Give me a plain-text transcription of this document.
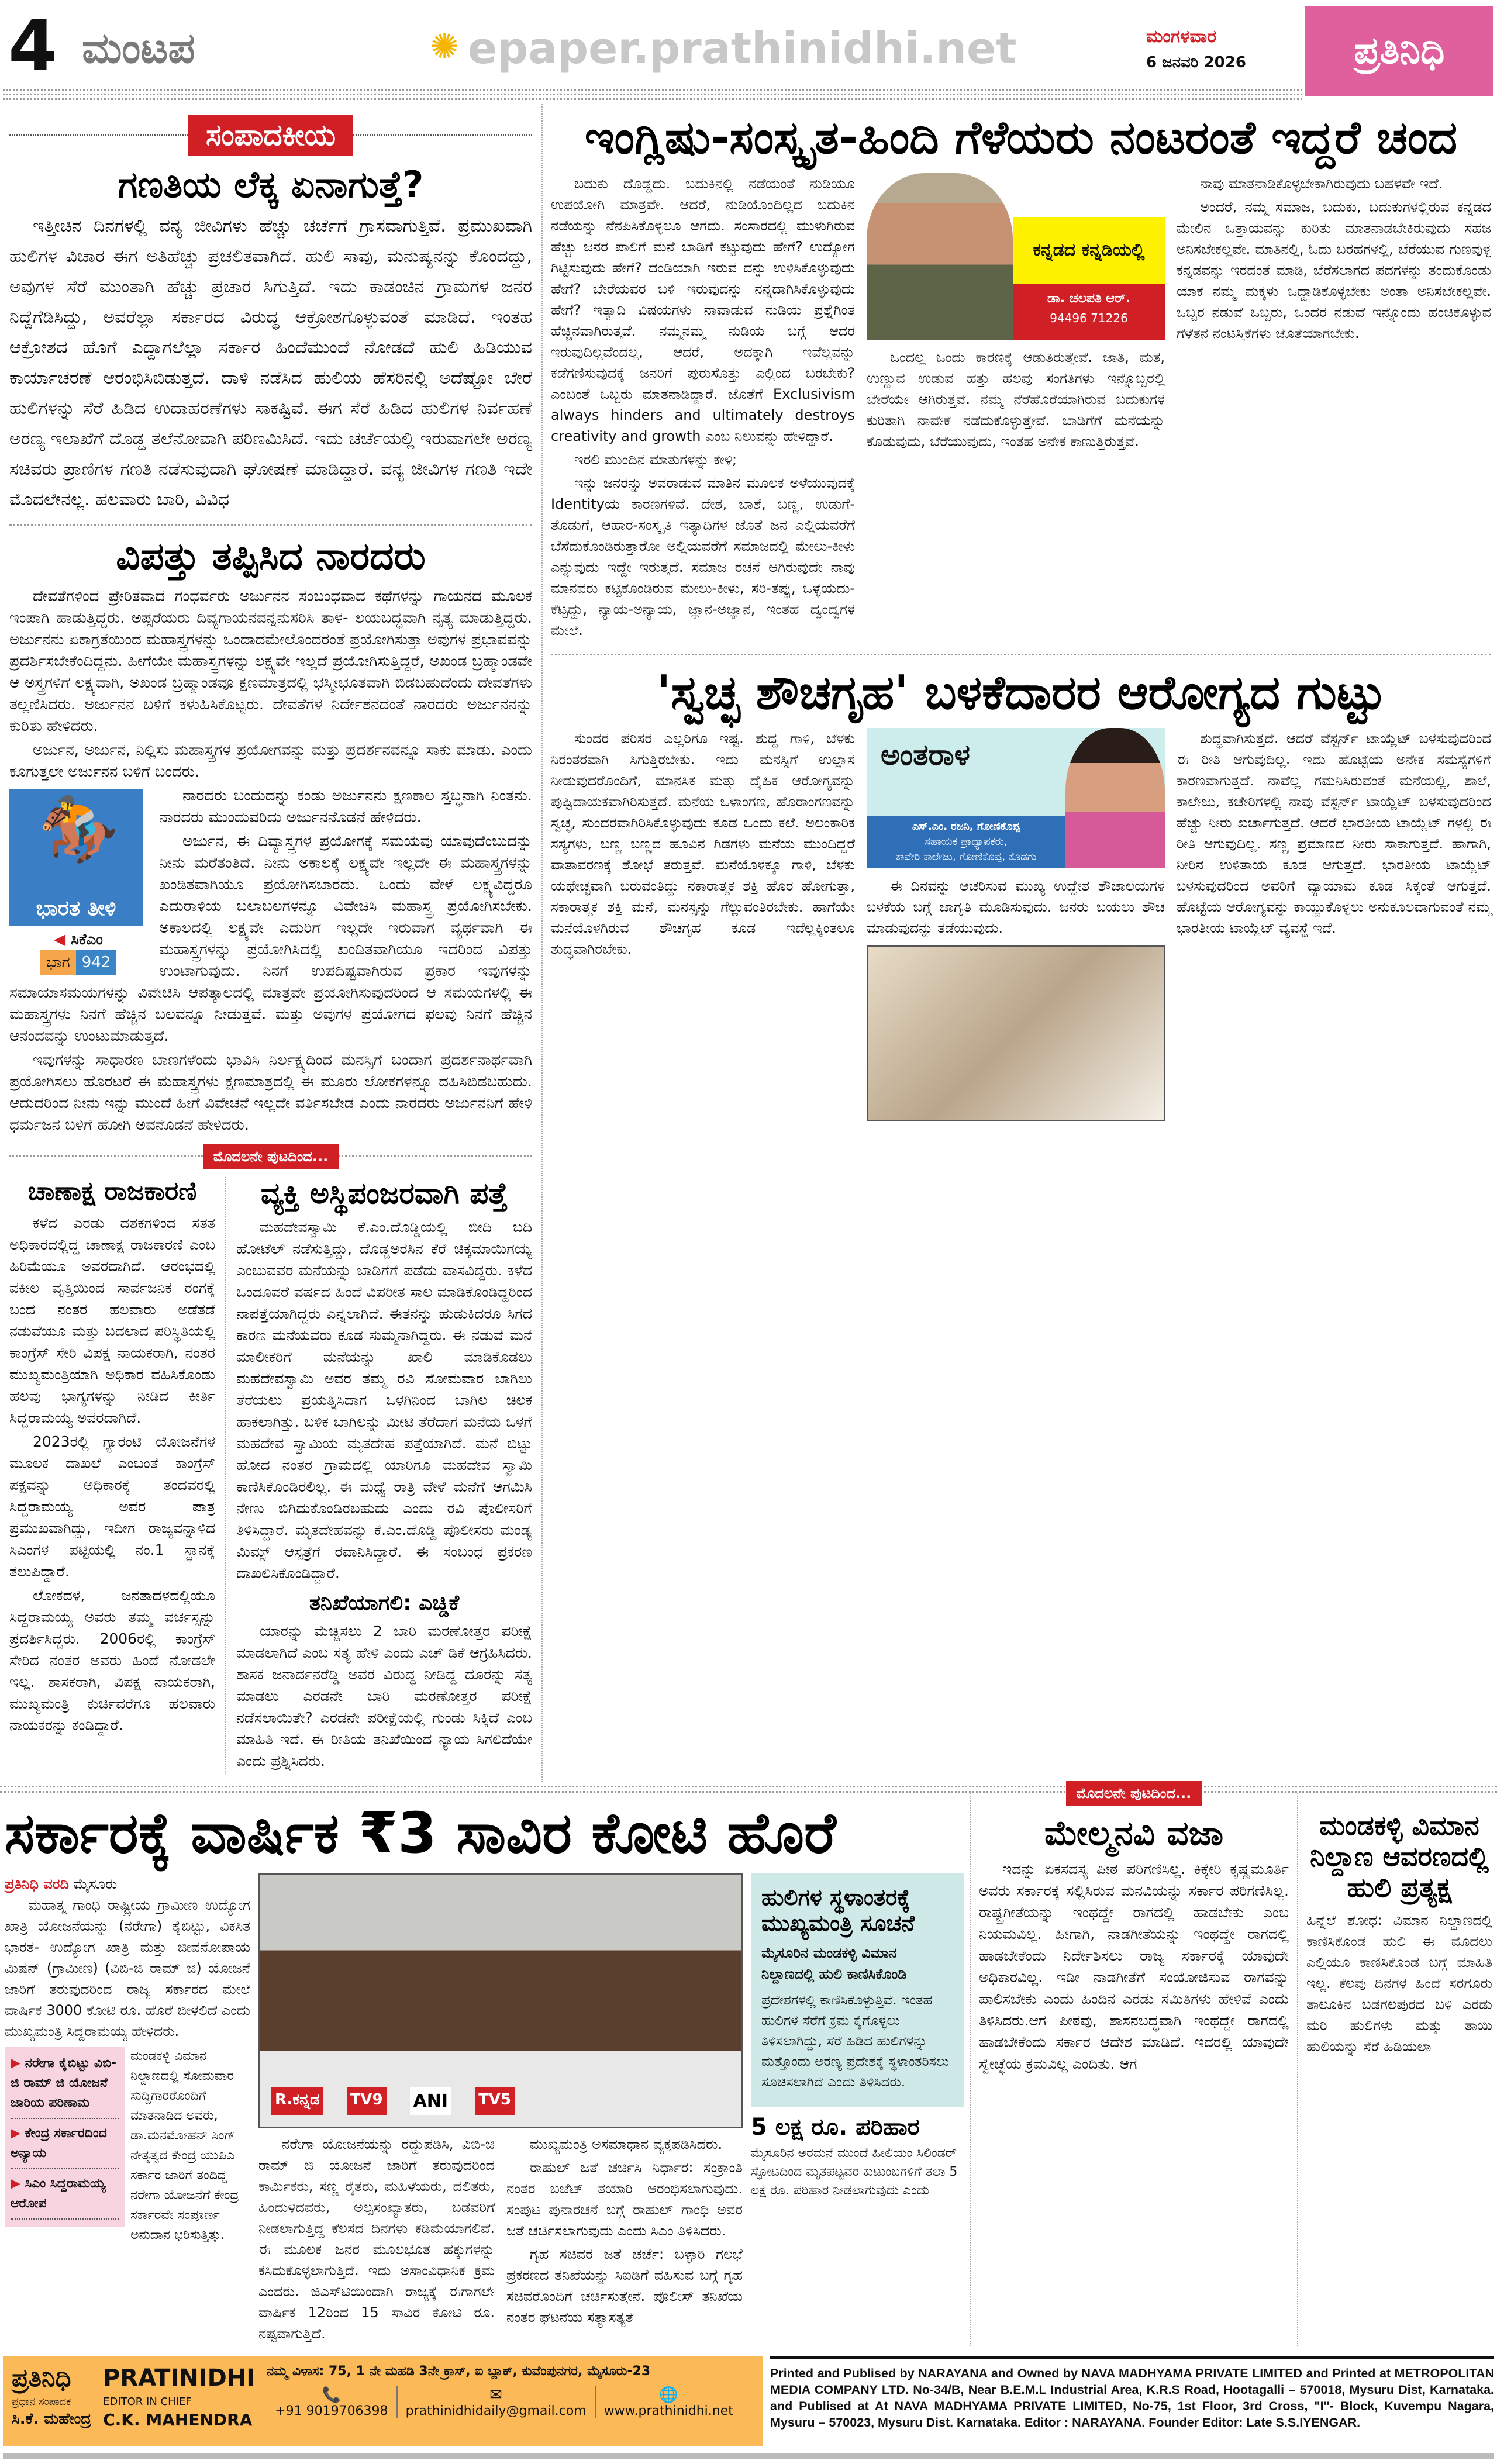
4 ಮಂಟಪ	✺ epaper.prathinidhi.net	ಮಂಗಳವಾರ
6 ಜನವರಿ 2026	ಪ್ರತಿನಿಧಿ
ಸಂಪಾದಕೀಯ
ಗಣತಿಯ ಲೆಕ್ಕ ಏನಾಗುತ್ತೆ?

ಇತ್ತೀಚಿನ ದಿನಗಳಲ್ಲಿ ವನ್ಯ ಜೀವಿಗಳು ಹೆಚ್ಚು ಚರ್ಚೆಗೆ ಗ್ರಾಸವಾಗುತ್ತಿವೆ. ಪ್ರಮುಖವಾಗಿ ಹುಲಿಗಳ ವಿಚಾರ ಈಗ ಅತಿಹೆಚ್ಚು ಪ್ರಚಲಿತವಾಗಿದೆ. ಹುಲಿ ಸಾವು, ಮನುಷ್ಯನನ್ನು ಕೊಂದದ್ದು, ಅವುಗಳ ಸೆರೆ ಮುಂತಾಗಿ ಹೆಚ್ಚು ಪ್ರಚಾರ ಸಿಗುತ್ತಿದೆ. ಇದು ಕಾಡಂಚಿನ ಗ್ರಾಮಗಳ ಜನರ ನಿದ್ದೆಗೆಡಿಸಿದ್ದು, ಅವರೆಲ್ಲಾ ಸರ್ಕಾರದ ವಿರುದ್ಧ ಆಕ್ರೋಶಗೊಳ್ಳುವಂತೆ ಮಾಡಿದೆ. ಇಂತಹ ಆಕ್ರೋಶದ ಹೊಗೆ ಎದ್ದಾಗಲೆಲ್ಲಾ ಸರ್ಕಾರ ಹಿಂದೆಮುಂದೆ ನೋಡದೆ ಹುಲಿ ಹಿಡಿಯುವ ಕಾರ್ಯಾಚರಣೆ ಆರಂಭಿಸಿಬಿಡುತ್ತದೆ. ದಾಳಿ ನಡೆಸಿದ ಹುಲಿಯ ಹೆಸರಿನಲ್ಲಿ ಅದೆಷ್ಟೋ ಬೇರೆ ಹುಲಿಗಳನ್ನು ಸೆರೆ ಹಿಡಿದ ಉದಾಹರಣೆಗಳು ಸಾಕಷ್ಟಿವೆ. ಈಗ ಸೆರೆ ಹಿಡಿದ ಹುಲಿಗಳ ನಿರ್ವಹಣೆ ಅರಣ್ಯ ಇಲಾಖೆಗೆ ದೊಡ್ಡ ತಲೆನೋವಾಗಿ ಪರಿಣಮಿಸಿದೆ. ಇದು ಚರ್ಚೆಯಲ್ಲಿ ಇರುವಾಗಲೇ ಅರಣ್ಯ ಸಚಿವರು ಪ್ರಾಣಿಗಳ ಗಣತಿ ನಡೆಸುವುದಾಗಿ ಘೋಷಣೆ ಮಾಡಿದ್ದಾರೆ. ವನ್ಯ ಜೀವಿಗಳ ಗಣತಿ ಇದೇ ಮೊದಲೇನಲ್ಲ. ಹಲವಾರು ಬಾರಿ, ವಿವಿಧ

ವಿಪತ್ತು ತಪ್ಪಿಸಿದ ನಾರದರು

ದೇವತೆಗಳಿಂದ ಪ್ರೇರಿತವಾದ ಗಂಧರ್ವರು ಅರ್ಜುನನ ಸಂಬಂಧವಾದ ಕಥೆಗಳನ್ನು ಗಾಯನದ ಮೂಲಕ ಇಂಪಾಗಿ ಹಾಡುತ್ತಿದ್ದರು. ಅಪ್ಸರೆಯರು ದಿವ್ಯಗಾಯನವನ್ನನುಸರಿಸಿ ತಾಳ- ಲಯಬದ್ಧವಾಗಿ ನೃತ್ಯ ಮಾಡುತ್ತಿದ್ದರು. ಅರ್ಜುನನು ಏಕಾಗ್ರತೆಯಿಂದ ಮಹಾಸ್ತ್ರಗಳನ್ನು ಒಂದಾದಮೇಲೊಂದರಂತೆ ಪ್ರಯೋಗಿಸುತ್ತಾ ಅವುಗಳ ಪ್ರಭಾವವನ್ನು ಪ್ರದರ್ಶಿಸಬೇಕೆಂದಿದ್ದನು. ಹೀಗೆಯೇ ಮಹಾಸ್ತ್ರಗಳನ್ನು ಲಕ್ಷ್ಯವೇ ಇಲ್ಲದೆ ಪ್ರಯೋಗಿಸುತ್ತಿದ್ದರೆ, ಅಖಂಡ ಬ್ರಹ್ಮಾಂಡವೇ ಆ ಅಸ್ತ್ರಗಳಿಗೆ ಲಕ್ಷ್ಯವಾಗಿ, ಅಖಂಡ ಬ್ರಹ್ಮಾಂಡವೂ ಕ್ಷಣಮಾತ್ರದಲ್ಲಿ ಭಸ್ಮೀಭೂತವಾಗಿ ಬಿಡಬಹುದೆಂದು ದೇವತೆಗಳು ತಲ್ಲಣಿಸಿದರು. ಅರ್ಜುನನ ಬಳಿಗೆ ಕಳುಹಿಸಿಕೊಟ್ಟರು. ದೇವತೆಗಳ ನಿರ್ದೇಶನದಂತೆ ನಾರದರು ಅರ್ಜುನನನ್ನು ಕುರಿತು ಹೇಳಿದರು.

ಅರ್ಜುನ, ಅರ್ಜುನ, ನಿಲ್ಲಿಸು ಮಹಾಸ್ತ್ರಗಳ ಪ್ರಯೋಗವನ್ನು ಮತ್ತು ಪ್ರದರ್ಶನವನ್ನೂ ಸಾಕು ಮಾಡು. ಎಂದು ಕೂಗುತ್ತಲೇ ಅರ್ಜುನನ ಬಳಿಗೆ ಬಂದರು.

🏇
ಭಾರತ ತೀಳಿ
◀ ಸಿಕೆಎಂ
ಭಾಗ 942

ನಾರದರು ಬಂದುದನ್ನು ಕಂಡು ಅರ್ಜುನನು ಕ್ಷಣಕಾಲ ಸ್ತಬ್ಧನಾಗಿ ನಿಂತನು. ನಾರದರು ಮುಂದುವರಿದು ಅರ್ಜುನನೊಡನೆ ಹೇಳಿದರು.

ಅರ್ಜುನ, ಈ ದಿವ್ಯಾಸ್ತ್ರಗಳ ಪ್ರಯೋಗಕ್ಕೆ ಸಮಯವು ಯಾವುದೆಂಬುದನ್ನು ನೀನು ಮರೆತಂತಿದೆ. ನೀನು ಅಕಾಲಕ್ಕೆ ಲಕ್ಷ್ಯವೇ ಇಲ್ಲದೇ ಈ ಮಹಾಸ್ತ್ರಗಳನ್ನು ಖಂಡಿತವಾಗಿಯೂ ಪ್ರಯೋಗಿಸಬಾರದು. ಒಂದು ವೇಳೆ ಲಕ್ಷ್ಯವಿದ್ದರೂ ಎದುರಾಳಿಯ ಬಲಾಬಲಗಳನ್ನೂ ವಿವೇಚಿಸಿ ಮಹಾಸ್ತ್ರ ಪ್ರಯೋಗಿಸಬೇಕು. ಅಕಾಲದಲ್ಲಿ ಲಕ್ಷ್ಯವೇ ಎದುರಿಗೆ ಇಲ್ಲದೇ ಇರುವಾಗ ವ್ಯರ್ಥವಾಗಿ ಈ ಮಹಾಸ್ತ್ರಗಳನ್ನು ಪ್ರಯೋಗಿಸಿದಲ್ಲಿ ಖಂಡಿತವಾಗಿಯೂ ಇದರಿಂದ ವಿಪತ್ತು ಉಂಟಾಗುವುದು. ನಿನಗೆ ಉಪದಿಷ್ಟವಾಗಿರುವ ಪ್ರಕಾರ ಇವುಗಳನ್ನು ಸಮಾಯಾಸಮಯಗಳನ್ನು ವಿವೇಚಿಸಿ ಆಪತ್ಕಾಲದಲ್ಲಿ ಮಾತ್ರವೇ ಪ್ರಯೋಗಿಸುವುದರಿಂದ ಆ ಸಮಯಗಳಲ್ಲಿ ಈ ಮಹಾಸ್ತ್ರಗಳು ನಿನಗೆ ಹೆಚ್ಚಿನ ಬಲವನ್ನೂ ನೀಡುತ್ತವೆ. ಮತ್ತು ಅವುಗಳ ಪ್ರಯೋಗದ ಫಲವು ನಿನಗೆ ಹೆಚ್ಚಿನ ಆನಂದವನ್ನು ಉಂಟುಮಾಡುತ್ತದೆ.

ಇವುಗಳನ್ನು ಸಾಧಾರಣ ಬಾಣಗಳೆಂದು ಭಾವಿಸಿ ನಿರ್ಲಕ್ಷ್ಯದಿಂದ ಮನಸ್ಸಿಗೆ ಬಂದಾಗ ಪ್ರದರ್ಶನಾರ್ಥವಾಗಿ ಪ್ರಯೋಗಿಸಲು ಹೊರಟರೆ ಈ ಮಹಾಸ್ತ್ರಗಳು ಕ್ಷಣಮಾತ್ರದಲ್ಲಿ ಈ ಮೂರು ಲೋಕಗಳನ್ನೂ ದಹಿಸಿಬಿಡಬಹುದು. ಆದುದರಿಂದ ನೀನು ಇನ್ನು ಮುಂದೆ ಹೀಗೆ ವಿವೇಚನೆ ಇಲ್ಲದೇ ವರ್ತಿಸಬೇಡ ಎಂದು ನಾರದರು ಅರ್ಜುನನಿಗೆ ಹೇಳಿ ಧರ್ಮಜನ ಬಳಿಗೆ ಹೋಗಿ ಅವನೊಡನೆ ಹೇಳಿದರು.

ಮೊದಲನೇ ಪುಟದಿಂದ...
ಚಾಣಾಕ್ಷ ರಾಜಕಾರಣಿ

ಕಳೆದ ಎರಡು ದಶಕಗಳಿಂದ ಸತತ ಅಧಿಕಾರದಲ್ಲಿದ್ದ ಚಾಣಾಕ್ಷ ರಾಜಕಾರಣಿ ಎಂಬ ಹಿರಿಮೆಯೂ ಅವರದಾಗಿದೆ. ಆರಂಭದಲ್ಲಿ ವಕೀಲ ವೃತ್ತಿಯಿಂದ ಸಾರ್ವಜನಿಕ ರಂಗಕ್ಕೆ ಬಂದ ನಂತರ ಹಲವಾರು ಅಡೆತಡೆ ನಡುವೆಯೂ ಮತ್ತು ಬದಲಾದ ಪರಿಸ್ಥಿತಿಯಲ್ಲಿ ಕಾಂಗ್ರೆಸ್ ಸೇರಿ ವಿಪಕ್ಷ ನಾಯಕರಾಗಿ, ನಂತರ ಮುಖ್ಯಮಂತ್ರಿಯಾಗಿ ಅಧಿಕಾರ ವಹಿಸಿಕೊಂಡು ಹಲವು ಭಾಗ್ಯಗಳನ್ನು ನೀಡಿದ ಕೀರ್ತಿ ಸಿದ್ದರಾಮಯ್ಯ ಅವರದಾಗಿದೆ.

2023ರಲ್ಲಿ ಗ್ಯಾರಂಟಿ ಯೋಜನೆಗಳ ಮೂಲಕ ದಾಖಲೆ ಎಂಬಂತೆ ಕಾಂಗ್ರೆಸ್ ಪಕ್ಷವನ್ನು ಅಧಿಕಾರಕ್ಕೆ ತಂದವರಲ್ಲಿ ಸಿದ್ದರಾಮಯ್ಯ ಅವರ ಪಾತ್ರ ಪ್ರಮುಖವಾಗಿದ್ದು, ಇದೀಗ ರಾಜ್ಯವನ್ನಾಳಿದ ಸಿಎಂಗಳ ಪಟ್ಟಿಯಲ್ಲಿ ನಂ.1 ಸ್ಥಾನಕ್ಕೆ ತಲುಪಿದ್ದಾರೆ.

ಲೋಕದಳ, ಜನತಾದಳದಲ್ಲಿಯೂ ಸಿದ್ದರಾಮಯ್ಯ ಅವರು ತಮ್ಮ ವರ್ಚಸ್ಸನ್ನು ಪ್ರದರ್ಶಿಸಿದ್ದರು. 2006ರಲ್ಲಿ ಕಾಂಗ್ರೆಸ್ ಸೇರಿದ ನಂತರ ಅವರು ಹಿಂದೆ ನೋಡಲೇ ಇಲ್ಲ. ಶಾಸಕರಾಗಿ, ವಿಪಕ್ಷ ನಾಯಕರಾಗಿ, ಮುಖ್ಯಮಂತ್ರಿ ಕುರ್ಚಿವರೆಗೂ ಹಲವಾರು ನಾಯಕರನ್ನು ಕಂಡಿದ್ದಾರೆ.

ವ್ಯಕ್ತಿ ಅಸ್ಥಿಪಂಜರವಾಗಿ ಪತ್ತೆ

ಮಹದೇವಸ್ವಾಮಿ ಕೆ.ಎಂ.ದೊಡ್ಡಿಯಲ್ಲಿ ಬೀದಿ ಬದಿ ಹೋಟೆಲ್ ನಡೆಸುತ್ತಿದ್ದು, ದೊಡ್ಡಅರಸಿನ ಕೆರೆ ಚಿಕ್ಕಮಾಯಿಗಯ್ಯ ಎಂಬುವವರ ಮನೆಯನ್ನು ಬಾಡಿಗೆಗೆ ಪಡೆದು ವಾಸವಿದ್ದರು. ಕಳೆದ ಒಂದೂವರೆ ವರ್ಷದ ಹಿಂದೆ ವಿಪರೀತ ಸಾಲ ಮಾಡಿಕೊಂಡಿದ್ದರಿಂದ ನಾಪತ್ತೆಯಾಗಿದ್ದರು ಎನ್ನಲಾಗಿದೆ. ಈತನನ್ನು ಹುಡುಕಿದರೂ ಸಿಗದ ಕಾರಣ ಮನೆಯವರು ಕೂಡ ಸುಮ್ಮನಾಗಿದ್ದರು. ಈ ನಡುವೆ ಮನೆ ಮಾಲೀಕರಿಗೆ ಮನೆಯನ್ನು ಖಾಲಿ ಮಾಡಿಕೊಡಲು ಮಹದೇವಸ್ವಾಮಿ ಅವರ ತಮ್ಮ ರವಿ ಸೋಮವಾರ ಬಾಗಿಲು ತೆರೆಯಲು ಪ್ರಯತ್ನಿಸಿದಾಗ ಒಳಗಿನಿಂದ ಬಾಗಿಲ ಚಿಲಕ ಹಾಕಲಾಗಿತ್ತು. ಬಳಿಕ ಬಾಗಿಲನ್ನು ಮೀಟಿ ತೆರೆದಾಗ ಮನೆಯ ಒಳಗೆ ಮಹದೇವ ಸ್ವಾಮಿಯ ಮೃತದೇಹ ಪತ್ತೆಯಾಗಿದೆ. ಮನೆ ಬಿಟ್ಟು ಹೋದ ನಂತರ ಗ್ರಾಮದಲ್ಲಿ ಯಾರಿಗೂ ಮಹದೇವ ಸ್ವಾಮಿ ಕಾಣಿಸಿಕೊಂಡಿರಲಿಲ್ಲ. ಈ ಮಧ್ಯೆ ರಾತ್ರಿ ವೇಳೆ ಮನೆಗೆ ಆಗಮಿಸಿ ನೇಣು ಬಿಗಿದುಕೊಂಡಿರಬಹುದು ಎಂದು ರವಿ ಪೊಲೀಸರಿಗೆ ತಿಳಿಸಿದ್ದಾರೆ. ಮೃತದೇಹವನ್ನು ಕೆ.ಎಂ.ದೊಡ್ಡಿ ಪೊಲೀಸರು ಮಂಡ್ಯ ಮಿಮ್ಸ್ ಆಸ್ಪತ್ರೆಗೆ ರವಾನಿಸಿದ್ದಾರೆ. ಈ ಸಂಬಂಧ ಪ್ರಕರಣ ದಾಖಲಿಸಿಕೊಂಡಿದ್ದಾರೆ.

ತನಿಖೆಯಾಗಲಿ: ಎಚ್ಡಿಕೆ

ಯಾರನ್ನು ಮೆಚ್ಚಿಸಲು 2 ಬಾರಿ ಮರಣೋತ್ತರ ಪರೀಕ್ಷೆ ಮಾಡಲಾಗಿದೆ ಎಂಬ ಸತ್ಯ ಹೇಳಿ ಎಂದು ಎಚ್ ಡಿಕೆ ಆಗ್ರಹಿಸಿದರು. ಶಾಸಕ ಜನಾರ್ದನರೆಡ್ಡಿ ಅವರ ವಿರುದ್ಧ ನೀಡಿದ್ದ ದೂರನ್ನು ಸತ್ಯ ಮಾಡಲು ಎರಡನೇ ಬಾರಿ ಮರಣೋತ್ತರ ಪರೀಕ್ಷೆ ನಡೆಸಲಾಯಿತೇ? ಎರಡನೇ ಪರೀಕ್ಷೆಯಲ್ಲಿ ಗುಂಡು ಸಿಕ್ಕಿದೆ ಎಂಬ ಮಾಹಿತಿ ಇದೆ. ಈ ರೀತಿಯ ತನಿಖೆಯಿಂದ ನ್ಯಾಯ ಸಿಗಲಿದೆಯೇ ಎಂದು ಪ್ರಶ್ನಿಸಿದರು.

ಇಂಗ್ಲಿಷು-ಸಂಸ್ಕೃತ-ಹಿಂದಿ ಗೆಳೆಯರು ನಂಟರಂತೆ ಇದ್ದರೆ ಚಂದ

ಬದುಕು ದೊಡ್ಡದು. ಬದುಕಿನಲ್ಲಿ ನಡೆಯಂತೆ ನುಡಿಯೂ ಉಪಯೋಗಿ ಮಾತ್ರವೇ. ಆದರೆ, ನುಡಿಯೊಂದಿಲ್ಲದ ಬದುಕಿನ ನಡೆಯನ್ನು ನೆನಪಿಸಿಕೊಳ್ಳಲೂ ಆಗದು. ಸಂಸಾರದಲ್ಲಿ ಮುಳುಗಿರುವ ಹೆಚ್ಚು ಜನರ ಪಾಲಿಗೆ ಮನೆ ಬಾಡಿಗೆ ಕಟ್ಟುವುದು ಹೇಗೆ? ಉದ್ಯೋಗ ಗಿಟ್ಟಿಸುವುದು ಹೇಗೆ? ದಂಡಿಯಾಗಿ ಇರುವ ದನ್ನು ಉಳಿಸಿಕೊಳ್ಳುವುದು ಹೇಗೆ? ಬೇರೆಯವರ ಬಳಿ ಇರುವುದನ್ನು ನನ್ನದಾಗಿಸಿಕೊಳ್ಳುವುದು ಹೇಗೆ? ಇತ್ಯಾದಿ ವಿಷಯಗಳು ನಾವಾಡುವ ನುಡಿಯ ಪ್ರಶ್ನೆಗಿಂತ ಹೆಚ್ಚಿನವಾಗಿರುತ್ತವೆ. ನಮ್ಮನಮ್ಮ ನುಡಿಯ ಬಗ್ಗೆ ಆದರ ಇರುವುದಿಲ್ಲವೆಂದಲ್ಲ, ಆದರೆ, ಅದಕ್ಕಾಗಿ ಇವೆಲ್ಲವನ್ನು ಕಡೆಗಣಿಸುವುದಕ್ಕೆ ಜನರಿಗೆ ಪುರುಸೊತ್ತು ಎಲ್ಲಿಂದ ಬರಬೇಕು? ಎಂಬಂತೆ ಒಬ್ಬರು ಮಾತನಾಡಿದ್ದಾರೆ. ಜೊತೆಗೆ Exclusivism always hinders and ultimately destroys creativity and growth ಎಂಬ ನಿಲುವನ್ನು ಹೇಳಿದ್ದಾರೆ.

ಇರಲಿ ಮುಂದಿನ ಮಾತುಗಳನ್ನು ಕೇಳಿ;

ಇನ್ನು ಜನರನ್ನು ಅವರಾಡುವ ಮಾತಿನ ಮೂಲಕ ಅಳೆಯುವುದಕ್ಕೆ Identityಯ ಕಾರಣಗಳಿವೆ. ದೇಶ, ಬಾಶೆ, ಬಣ್ಣ, ಉಡುಗೆ-ತೊಡುಗೆ, ಆಹಾರ-ಸಂಸ್ಕೃತಿ ಇತ್ಯಾದಿಗಳ ಜೊತೆ ಜನ ಎಲ್ಲಿಯವರೆಗೆ ಬೆಸೆದುಕೊಂಡಿರುತ್ತಾರೋ ಅಲ್ಲಿಯವರೆಗೆ ಸಮಾಜದಲ್ಲಿ ಮೇಲು-ಕೀಳು ಎನ್ನುವುದು ಇದ್ದೇ ಇರುತ್ತದೆ. ಸಮಾಜ ರಚನೆ ಆಗಿರುವುದೇ ನಾವು ಮಾನವರು ಕಟ್ಟಿಕೊಂಡಿರುವ ಮೇಲು-ಕೀಳು, ಸರಿ-ತಪ್ಪು, ಒಳ್ಳೆಯದು-ಕೆಟ್ಟದ್ದು, ನ್ಯಾಯ-ಅನ್ಯಾಯ, ಜ್ಞಾನ-ಅಜ್ಞಾನ, ಇಂತಹ ದ್ವಂದ್ವಗಳ ಮೇಲೆ.

ಕನ್ನಡದ ಕನ್ನಡಿಯಲ್ಲಿ
ಡಾ. ಚಲಪತಿ ಆರ್.
94496 71226

ಒಂದಲ್ಲ ಒಂದು ಕಾರಣಕ್ಕೆ ಆಡುತಿರುತ್ತೇವೆ. ಜಾತಿ, ಮತ, ಉಣ್ಣುವ ಉಡುವ ಹತ್ತು ಹಲವು ಸಂಗತಿಗಳು ಇನ್ನೊಬ್ಬರಲ್ಲಿ ಬೇರೆಯೇ ಆಗಿರುತ್ತವೆ. ನಮ್ಮ ನೆರೆಹೊರೆಯಾಗಿರುವ ಬದುಕುಗಳ ಕುರಿತಾಗಿ ನಾವೇಕೆ ನಡೆದುಕೊಳ್ಳುತ್ತೇವೆ. ಬಾಡಿಗೆಗೆ ಮನೆಯನ್ನು ಕೊಡುವುದು, ಬೆರೆಯುವುದು, ಇಂತಹ ಅನೇಕ ಕಾಣುತ್ತಿರುತ್ತವೆ.

ನಾವು ಮಾತನಾಡಿಕೊಳ್ಳಬೇಕಾಗಿರುವುದು ಬಹಳವೇ ಇದೆ.

ಅಂದರೆ, ನಮ್ಮ ಸಮಾಜ, ಬದುಕು, ಬದುಕುಗಳಲ್ಲಿರುವ ಕನ್ನಡದ ಮೇಲಿನ ಒತ್ತಾಯವನ್ನು ಕುರಿತು ಮಾತನಾಡಬೇಕಿರುವುದು ಸಹಜ ಅನಿಸಬೇಕಲ್ಲವೇ. ಮಾತಿನಲ್ಲಿ, ಓದು ಬರಹಗಳಲ್ಲಿ, ಬೆರೆಯುವ ಗುಣವುಳ್ಳ ಕನ್ನಡವನ್ನು ಇರದಂತೆ ಮಾಡಿ, ಬೆರೆಸಲಾಗದ ಪದಗಳನ್ನು ತಂದುಕೊಂಡು ಯಾಕೆ ನಮ್ಮ ಮಕ್ಕಳು ಒದ್ದಾಡಿಕೊಳ್ಳಬೇಕು ಅಂತಾ ಅನಿಸಬೇಕಲ್ಲವೇ. ಒಬ್ಬರ ನಡುವೆ ಒಬ್ಬರು, ಒಂದರ ನಡುವೆ ಇನ್ನೊಂದು ಹಂಚಿಕೊಳ್ಳುವ ಗೆಳೆತನ ನಂಟಸ್ತಿಕೆಗಳು ಜೊತೆಯಾಗಬೇಕು.

'ಸ್ವಚ್ಛ ಶೌಚಗೃಹ' ಬಳಕೆದಾರರ ಆರೋಗ್ಯದ ಗುಟ್ಟು

ಸುಂದರ ಪರಿಸರ ಎಲ್ಲರಿಗೂ ಇಷ್ಟ. ಶುದ್ಧ ಗಾಳಿ, ಬೆಳಕು ನಿರಂತರವಾಗಿ ಸಿಗುತ್ತಿರಬೇಕು. ಇದು ಮನಸ್ಸಿಗೆ ಉಲ್ಲಾಸ ನೀಡುವುದರೊಂದಿಗೆ, ಮಾನಸಿಕ ಮತ್ತು ದೈಹಿಕ ಆರೋಗ್ಯವನ್ನು ಪುಷ್ಟಿದಾಯಕವಾಗಿರಿಸುತ್ತದೆ. ಮನೆಯ ಒಳಾಂಗಣ, ಹೊರಾಂಗಣವನ್ನು ಸ್ವಚ್ಛ, ಸುಂದರವಾಗಿರಿಸಿಕೊಳ್ಳುವುದು ಕೂಡ ಒಂದು ಕಲೆ. ಅಲಂಕಾರಿಕ ಸಸ್ಯಗಳು, ಬಣ್ಣ ಬಣ್ಣದ ಹೂವಿನ ಗಿಡಗಳು ಮನೆಯ ಮುಂದಿದ್ದರೆ ವಾತಾವರಣಕ್ಕೆ ಶೋಭೆ ತರುತ್ತವೆ. ಮನೆಯೊಳಕ್ಕೂ ಗಾಳಿ, ಬೆಳಕು ಯಥೇಚ್ಛವಾಗಿ ಬರುವಂತಿದ್ದು ನಕಾರಾತ್ಮಕ ಶಕ್ತಿ ಹೊರ ಹೋಗುತ್ತಾ, ಸಕಾರಾತ್ಮಕ ಶಕ್ತಿ ಮನೆ, ಮನಸ್ಸನ್ನು ಗೆಲ್ಲುವಂತಿರಬೇಕು. ಹಾಗೆಯೇ ಮನೆಯೊಳಗಿರುವ ಶೌಚಗೃಹ ಕೂಡ ಇದೆಲ್ಲಕ್ಕಿಂತಲೂ ಶುದ್ಧವಾಗಿರಬೇಕು.

ಅಂತರಾಳ
ಎಸ್.ಎಂ. ರಜನಿ, ಗೋಣಿಕೊಪ್ಪ
ಸಹಾಯಕ ಪ್ರಾಧ್ಯಾಪಕರು,
ಕಾವೇರಿ ಕಾಲೇಜು, ಗೋಣಿಕೊಪ್ಪ, ಕೊಡಗು

ಈ ದಿನವನ್ನು ಆಚರಿಸುವ ಮುಖ್ಯ ಉದ್ದೇಶ ಶೌಚಾಲಯಗಳ ಬಳಕೆಯ ಬಗ್ಗೆ ಜಾಗೃತಿ ಮೂಡಿಸುವುದು. ಜನರು ಬಯಲು ಶೌಚ ಮಾಡುವುದನ್ನು ತಡೆಯುವುದು.

ಶುದ್ಧವಾಗಿಸುತ್ತದೆ. ಆದರೆ ವೆಸ್ಟರ್ನ್ ಟಾಯ್ಲೆಟ್ ಬಳಸುವುದರಿಂದ ಈ ರೀತಿ ಆಗುವುದಿಲ್ಲ. ಇದು ಹೊಟ್ಟೆಯ ಅನೇಕ ಸಮಸ್ಯೆಗಳಿಗೆ ಕಾರಣವಾಗುತ್ತದೆ. ನಾವೆಲ್ಲ ಗಮನಿಸಿರುವಂತೆ ಮನೆಯಲ್ಲಿ, ಶಾಲೆ, ಕಾಲೇಜು, ಕಚೇರಿಗಳಲ್ಲಿ ನಾವು ವೆಸ್ಟರ್ನ್ ಟಾಯ್ಲೆಟ್ ಬಳಸುವುದರಿಂದ ಹೆಚ್ಚು ನೀರು ಖರ್ಚಾಗುತ್ತದೆ. ಆದರೆ ಭಾರತೀಯ ಟಾಯ್ಲೆಟ್ ಗಳಲ್ಲಿ ಈ ರೀತಿ ಆಗುವುದಿಲ್ಲ. ಸಣ್ಣ ಪ್ರಮಾಣದ ನೀರು ಸಾಕಾಗುತ್ತದೆ. ಹಾಗಾಗಿ, ನೀರಿನ ಉಳಿತಾಯ ಕೂಡ ಆಗುತ್ತದೆ. ಭಾರತೀಯ ಟಾಯ್ಲೆಟ್ ಬಳಸುವುದರಿಂದ ಅವರಿಗೆ ವ್ಯಾಯಾಮ ಕೂಡ ಸಿಕ್ಕಂತೆ ಆಗುತ್ತದೆ. ಹೊಟ್ಟೆಯ ಆರೋಗ್ಯವನ್ನು ಕಾಯ್ದುಕೊಳ್ಳಲು ಅನುಕೂಲವಾಗುವಂತೆ ನಮ್ಮ ಭಾರತೀಯ ಟಾಯ್ಲೆಟ್ ವ್ಯವಸ್ಥೆ ಇದೆ.

ಸರ್ಕಾರಕ್ಕೆ ವಾರ್ಷಿಕ ₹3 ಸಾವಿರ ಕೋಟಿ ಹೊರೆ
ಪ್ರತಿನಿಧಿ ವರದಿ ಮೈಸೂರು

ಮಹಾತ್ಮ ಗಾಂಧಿ ರಾಷ್ಟ್ರೀಯ ಗ್ರಾಮೀಣ ಉದ್ಯೋಗ ಖಾತ್ರಿ ಯೋಜನೆಯನ್ನು (ನರೇಗಾ) ಕೈಬಿಟ್ಟು, ವಿಕಸಿತ ಭಾರತ- ಉದ್ಯೋಗ ಖಾತ್ರಿ ಮತ್ತು ಜೀವನೋಪಾಯ ಮಿಷನ್ (ಗ್ರಾಮೀಣ) (ವಿಬಿ-ಜಿ ರಾಮ್ ಜಿ) ಯೋಜನೆ ಜಾರಿಗೆ ತರುವುದರಿಂದ ರಾಜ್ಯ ಸರ್ಕಾರದ ಮೇಲೆ ವಾರ್ಷಿಕ 3000 ಕೋಟಿ ರೂ. ಹೊರೆ ಬೀಳಲಿದೆ ಎಂದು ಮುಖ್ಯಮಂತ್ರಿ ಸಿದ್ದರಾಮಯ್ಯ ಹೇಳಿದರು.

▶ ನರೇಗಾ ಕೈಬಿಟ್ಟು ವಿಬಿ-ಜಿ ರಾಮ್ ಜಿ ಯೋಜನೆ ಜಾರಿಯ ಪರಿಣಾಮ
▶ ಕೇಂದ್ರ ಸರ್ಕಾರದಿಂದ ಅನ್ಯಾಯ
▶ ಸಿಎಂ ಸಿದ್ದರಾಮಯ್ಯ ಆರೋಪ

ಮಂಡಕಳ್ಳಿ ವಿಮಾನ ನಿಲ್ದಾಣದಲ್ಲಿ ಸೋಮವಾರ ಸುದ್ದಿಗಾರರೊಂದಿಗೆ ಮಾತನಾಡಿದ ಅವರು, ಡಾ.ಮನಮೋಹನ್ ಸಿಂಗ್ ನೇತೃತ್ವದ ಕೇಂದ್ರ ಯುಪಿಎ ಸರ್ಕಾರ ಜಾರಿಗೆ ತಂದಿದ್ದ ನರೇಗಾ ಯೋಜನೆಗೆ ಕೇಂದ್ರ ಸರ್ಕಾರವೇ ಸಂಪೂರ್ಣ ಅನುದಾನ ಭರಿಸುತ್ತಿತ್ತು.

R.ಕನ್ನಡ TV9 ANI TV5

ನರೇಗಾ ಯೋಜನೆಯನ್ನು ರದ್ದುಪಡಿಸಿ, ವಿಬಿ-ಜಿ ರಾಮ್ ಜಿ ಯೋಜನೆ ಜಾರಿಗೆ ತರುವುದರಿಂದ ಕಾರ್ಮಿಕರು, ಸಣ್ಣ ರೈತರು, ಮಹಿಳೆಯರು, ದಲಿತರು, ಹಿಂದುಳಿದವರು, ಅಲ್ಪಸಂಖ್ಯಾತರು, ಬಡವರಿಗೆ ನೀಡಲಾಗುತ್ತಿದ್ದ ಕೆಲಸದ ದಿನಗಳು ಕಡಿಮೆಯಾಗಲಿವೆ. ಈ ಮೂಲಕ ಜನರ ಮೂಲಭೂತ ಹಕ್ಕುಗಳನ್ನು ಕಸಿದುಕೊಳ್ಳಲಾಗುತ್ತಿದೆ. ಇದು ಅಸಾಂವಿಧಾನಿಕ ಕ್ರಮ ಎಂದರು. ಜಿಎಸ್‌ಟಿಯಿಂದಾಗಿ ರಾಜ್ಯಕ್ಕೆ ಈಗಾಗಲೇ ವಾರ್ಷಿಕ 12ರಿಂದ 15 ಸಾವಿರ ಕೋಟಿ ರೂ. ನಷ್ಟವಾಗುತ್ತಿದೆ.

ಮುಖ್ಯಮಂತ್ರಿ ಅಸಮಾಧಾನ ವ್ಯಕ್ತಪಡಿಸಿದರು.

ರಾಹುಲ್ ಜತೆ ಚರ್ಚಿಸಿ ನಿರ್ಧಾರ: ಸಂಕ್ರಾಂತಿ ನಂತರ ಬಜೆಟ್ ತಯಾರಿ ಆರಂಭಿಸಲಾಗುವುದು. ಸಂಪುಟ ಪುನಾರಚನೆ ಬಗ್ಗೆ ರಾಹುಲ್ ಗಾಂಧಿ ಅವರ ಜತೆ ಚರ್ಚಿಸಲಾಗುವುದು ಎಂದು ಸಿಎಂ ತಿಳಿಸಿದರು.

ಗೃಹ ಸಚಿವರ ಜತೆ ಚರ್ಚೆ: ಬಳ್ಳಾರಿ ಗಲಭೆ ಪ್ರಕರಣದ ತನಿಖೆಯನ್ನು ಸಿಐಡಿಗೆ ವಹಿಸುವ ಬಗ್ಗೆ ಗೃಹ ಸಚಿವರೊಂದಿಗೆ ಚರ್ಚಿಸುತ್ತೇನೆ. ಪೊಲೀಸ್ ತನಿಖೆಯ ನಂತರ ಘಟನೆಯ ಸತ್ಯಾಸತ್ಯತೆ

ಹುಲಿಗಳ ಸ್ಥಳಾಂತರಕ್ಕೆ ಮುಖ್ಯಮಂತ್ರಿ ಸೂಚನೆ
ಮೈಸೂರಿನ ಮಂಡಕಳ್ಳಿ ವಿಮಾನ ನಿಲ್ದಾಣದಲ್ಲಿ ಹುಲಿ ಕಾಣಿಸಿಕೊಂಡಿ

ಪ್ರದೇಶಗಳಲ್ಲಿ ಕಾಣಿಸಿಕೊಳ್ಳುತ್ತಿವೆ. ಇಂತಹ ಹುಲಿಗಳ ಸೆರೆಗೆ ಕ್ರಮ ಕೈಗೊಳ್ಳಲು ತಿಳಿಸಲಾಗಿದ್ದು, ಸೆರೆ ಹಿಡಿದ ಹುಲಿಗಳನ್ನು ಮತ್ತೊಂದು ಅರಣ್ಯ ಪ್ರದೇಶಕ್ಕೆ ಸ್ಥಳಾಂತರಿಸಲು ಸೂಚಿಸಲಾಗಿದೆ ಎಂದು ತಿಳಿಸಿದರು.

5 ಲಕ್ಷ ರೂ. ಪರಿಹಾರ

ಮೈಸೂರಿನ ಅರಮನೆ ಮುಂದೆ ಹೀಲಿಯಂ ಸಿಲಿಂಡರ್ ಸ್ಫೋಟದಿಂದ ಮೃತಪಟ್ಟವರ ಕುಟುಂಬಗಳಿಗೆ ತಲಾ 5 ಲಕ್ಷ ರೂ. ಪರಿಹಾರ ನೀಡಲಾಗುವುದು ಎಂದು

ಮೊದಲನೇ ಪುಟದಿಂದ...
ಮೇಲ್ಮನವಿ ವಜಾ

ಇದನ್ನು ಏಕಸದಸ್ಯ ಪೀಠ ಪರಿಗಣಿಸಿಲ್ಲ. ಕಿಕ್ಕೇರಿ ಕೃಷ್ಣಮೂರ್ತಿ ಅವರು ಸರ್ಕಾರಕ್ಕೆ ಸಲ್ಲಿಸಿರುವ ಮನವಿಯನ್ನು ಸರ್ಕಾರ ಪರಿಗಣಿಸಿಲ್ಲ. ರಾಷ್ಟ್ರಗೀತೆಯನ್ನು ಇಂಥದ್ದೇ ರಾಗದಲ್ಲಿ ಹಾಡಬೇಕು ಎಂಬ ನಿಯಮವಿಲ್ಲ. ಹೀಗಾಗಿ, ನಾಡಗೀತೆಯನ್ನು ಇಂಥದ್ದೇ ರಾಗದಲ್ಲಿ ಹಾಡಬೇಕೆಂದು ನಿರ್ದೇಶಿಸಲು ರಾಜ್ಯ ಸರ್ಕಾರಕ್ಕೆ ಯಾವುದೇ ಅಧಿಕಾರವಿಲ್ಲ. ಇಡೀ ನಾಡಗೀತೆಗೆ ಸಂಯೋಜಿಸುವ ರಾಗವನ್ನು ಪಾಲಿಸಬೇಕು ಎಂದು ಹಿಂದಿನ ಎರಡು ಸಮಿತಿಗಳು ಹೇಳಿವೆ ಎಂದು ತಿಳಿಸಿದರು.ಆಗ ಪೀಠವು, ಶಾಸನಬದ್ಧವಾಗಿ ಇಂಥದ್ದೇ ರಾಗದಲ್ಲಿ ಹಾಡಬೇಕೆಂದು ಸರ್ಕಾರ ಆದೇಶ ಮಾಡಿದೆ. ಇದರಲ್ಲಿ ಯಾವುದೇ ಸ್ವೇಚ್ಛೆಯ ಕ್ರಮವಿಲ್ಲ ಎಂದಿತು. ಆಗ

ಮಂಡಕಳ್ಳಿ ವಿಮಾನ ನಿಲ್ದಾಣ ಆವರಣದಲ್ಲಿ ಹುಲಿ ಪ್ರತ್ಯಕ್ಷ

ಹಿನ್ನೆಲೆ ಶೋಧ: ವಿಮಾನ ನಿಲ್ದಾಣದಲ್ಲಿ ಕಾಣಿಸಿಕೊಂಡ ಹುಲಿ ಈ ಮೊದಲು ಎಲ್ಲಿಯೂ ಕಾಣಿಸಿಕೊಂಡ ಬಗ್ಗೆ ಮಾಹಿತಿ ಇಲ್ಲ. ಕೆಲವು ದಿನಗಳ ಹಿಂದೆ ಸರಗೂರು ತಾಲೂಕಿನ ಬಡಗಲಪುರದ ಬಳಿ ಎರಡು ಮರಿ ಹುಲಿಗಳು ಮತ್ತು ತಾಯಿ ಹುಲಿಯನ್ನು ಸೆರೆ ಹಿಡಿಯಲಾ

ಪ್ರತಿನಿಧಿ	PRATINIDHI
ಪ್ರಧಾನ ಸಂಪಾದಕ	EDITOR IN CHIEF
ಸಿ.ಕೆ. ಮಹೇಂದ್ರ C.K. MAHENDRA
ನಮ್ಮ ವಿಳಾಸ: 75, 1 ನೇ ಮಹಡಿ 3ನೇ ಕ್ರಾಸ್, ಐ ಬ್ಲಾಕ್, ಕುವೆಂಪುನಗರ, ಮೈಸೂರು-23
📞
+91 9019706398
✉
prathinidhidaily@gmail.com
🌐
www.prathinidhi.net
Printed and Publised by NARAYANA and Owned by NAVA MADHYAMA PRIVATE LIMITED and Printed at METROPOLITAN MEDIA COMPANY LTD. No-34/B, Near B.E.M.L Industrial Area, K.R.S Road, Hootagalli – 570018, Mysuru Dist, Karnataka. and Publised at At NAVA MADHYAMA PRIVATE LIMITED, No-75, 1st Floor, 3rd Cross, "I"- Block, Kuvempu Nagara, Mysuru – 570023, Mysuru Dist. Karnataka. Editor : NARAYANA. Founder Editor: Late S.S.IYENGAR.
